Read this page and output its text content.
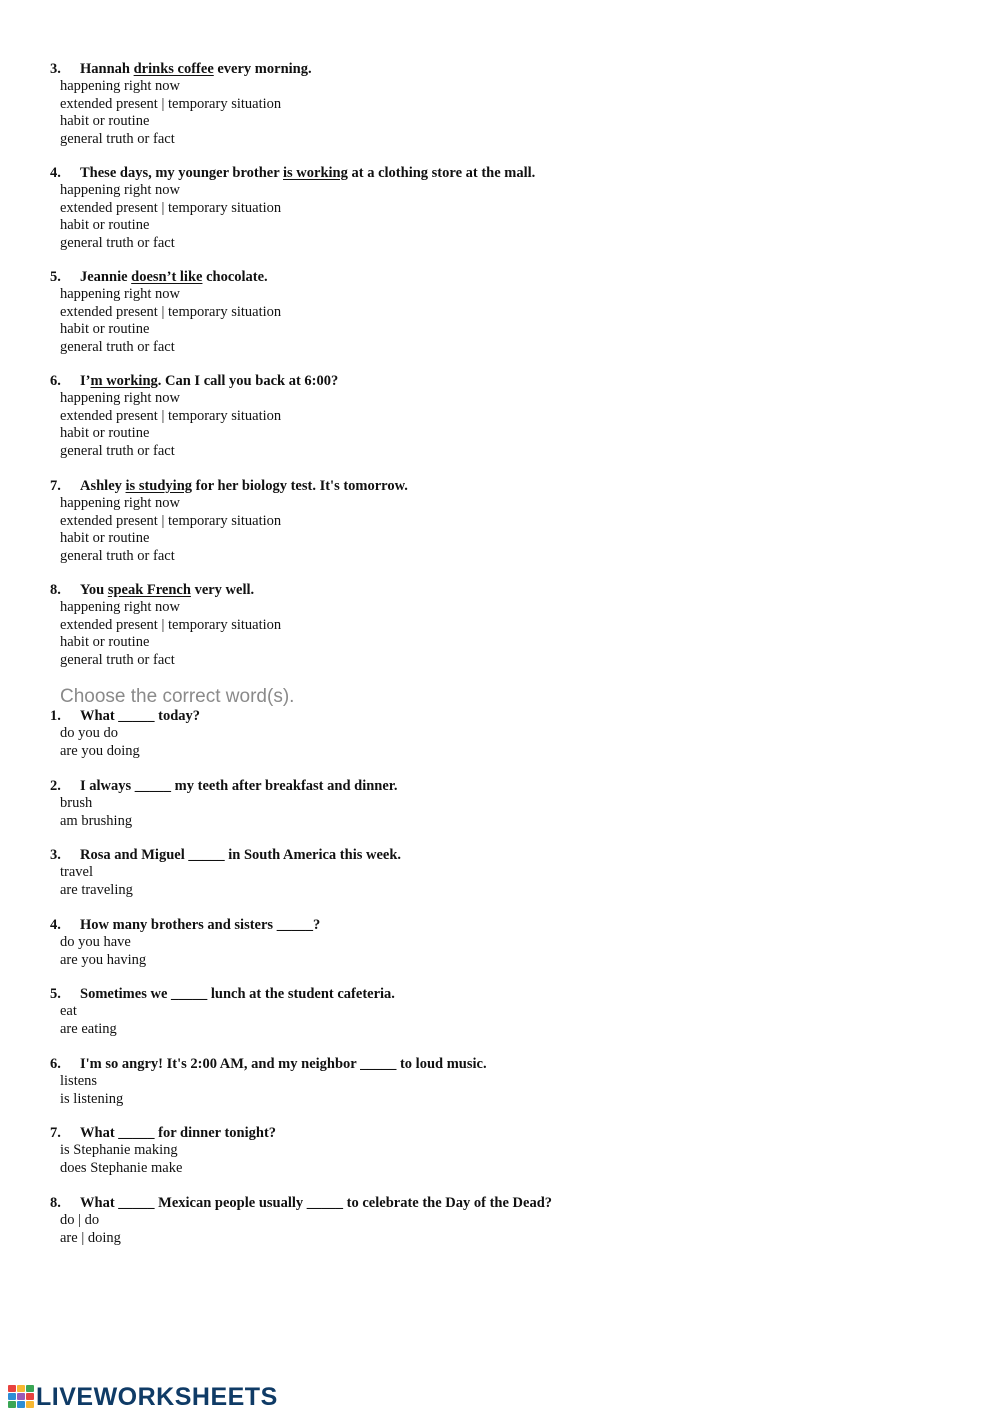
3. Hannah drinks coffee every morning.
happening right now
extended present | temporary situation
habit or routine
general truth or fact
4. These days, my younger brother is working at a clothing store at the mall.
happening right now
extended present | temporary situation
habit or routine
general truth or fact
5. Jeannie doesn’t like chocolate.
happening right now
extended present | temporary situation
habit or routine
general truth or fact
6. I’m working. Can I call you back at 6:00?
happening right now
extended present | temporary situation
habit or routine
general truth or fact
7. Ashley is studying for her biology test. It's tomorrow.
happening right now
extended present | temporary situation
habit or routine
general truth or fact
8. You speak French very well.
happening right now
extended present | temporary situation
habit or routine
general truth or fact
Choose the correct word(s).
1. What _____ today?
do you do
are you doing
2. I always _____ my teeth after breakfast and dinner.
brush
am brushing
3. Rosa and Miguel _____ in South America this week.
travel
are traveling
4. How many brothers and sisters _____?
do you have
are you having
5. Sometimes we _____ lunch at the student cafeteria.
eat
are eating
6. I'm so angry! It's 2:00 AM, and my neighbor _____ to loud music.
listens
is listening
7. What _____ for dinner tonight?
is Stephanie making
does Stephanie make
8. What _____ Mexican people usually _____ to celebrate the Day of the Dead?
do | do
are | doing
LIVEWORKSHEETS
